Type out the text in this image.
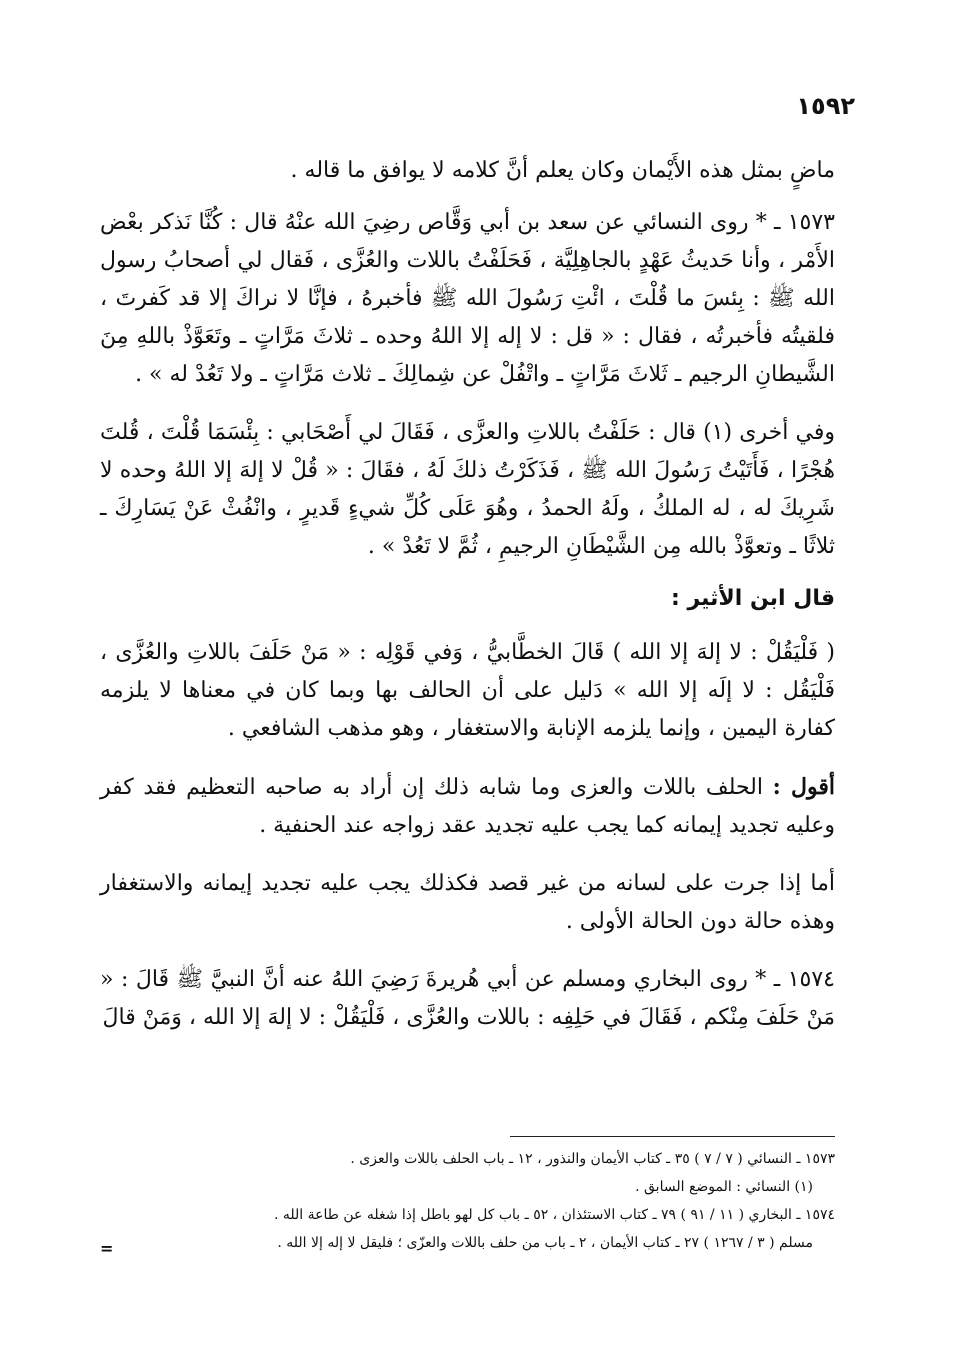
١٥٩٢

ماضٍ بمثل هذه الأَيْمان وكان يعلم أنَّ كلامه لا يوافق ما قاله .

١٥٧٣ ـ * روى النسائي عن سعد بن أبي وَقَّاص رضِيَ الله عنْهُ قال : كُنَّا نَذكر بعْض الأَمْر ، وأنا حَديثُ عَهْدٍ بالجاهِلِيَّة ، فَحَلَفْتُ باللات والعُزَّى ، فَقال لي أصحابُ رسول الله ﷺ : بِئسَ ما قُلْتَ ، ائْتِ رَسُولَ الله ﷺ فأخبرهُ ، فإنَّا لا نراكَ إلا قد كَفرتَ ، فلقيتُه فأخبرتُه ، فقال : « قل : لا إله إلا اللهُ وحده ـ ثلاثَ مَرَّاتٍ ـ وتَعَوَّذْ باللهِ مِنَ الشَّيطانِ الرجيم ـ ثَلاثَ مَرَّاتٍ ـ واتْفُلْ عن شِمالِكَ ـ ثلاث مَرَّاتٍ ـ ولا تَعُدْ له » .

وفي أخرى (١) قال : حَلَفْتُ باللاتِ والعزَّى ، فَقَالَ لي أَصْحَابي : بِئْسَمَا قُلْتَ ، قُلتَ هُجْرًا ، فَأَتَيْتُ رَسُولَ الله ﷺ ، فَذَكَرْتُ ذلكَ لَهُ ، فقَالَ : « قُلْ لا إلهَ إلا اللهُ وحده لا شَرِيكَ له ، له الملكُ ، ولَهُ الحمدُ ، وهُوَ عَلَى كُلِّ شيءٍ قَديرٍ ، وانْفُثْ عَنْ يَسَارِكَ ـ ثلاثًا ـ وتعوَّذْ بالله مِن الشَّيْطَانِ الرجيمِ ، ثُمَّ لا تَعُدْ » .

قال ابن الأثير :

( فَلْيَقُلْ : لا إلهَ إلا الله ) قَالَ الخطَّابيُّ ، وَفي قَوْلِه : « مَنْ حَلَفَ باللاتِ والعُزَّى ، فَلْيَقُل : لا إلَه إلا الله » دَليل على أن الحالف بها وبما كان في معناها لا يلزمه كفارة اليمين ، وإنما يلزمه الإنابة والاستغفار ، وهو مذهب الشافعي .

أقول : الحلف باللات والعزى وما شابه ذلك إن أراد به صاحبه التعظيم فقد كفر وعليه تجديد إيمانه كما يجب عليه تجديد عقد زواجه عند الحنفية .

أما إذا جرت على لسانه من غير قصد فكذلك يجب عليه تجديد إيمانه والاستغفار وهذه حالة دون الحالة الأولى .

١٥٧٤ ـ * روى البخاري ومسلم عن أبي هُريرةَ رَضِيَ اللهُ عنه أنَّ النبيَّ ﷺ قَالَ : « مَنْ حَلَفَ مِنْكم ، فَقَالَ في حَلِفِه : باللات والعُزَّى ، فَلْيَقُلْ : لا إلهَ إلا الله ، وَمَنْ قالَ

١٥٧٣ ـ النسائي ( ٧ / ٧ ) ٣٥ ـ كتاب الأيمان والنذور ، ١٢ ـ باب الحلف باللات والعزى .
(١) النسائي : الموضع السابق .
١٥٧٤ ـ البخاري ( ١١ / ٩١ ) ٧٩ ـ كتاب الاستئذان ، ٥٢ ـ باب كل لهو باطل إذا شغله عن طاعة الله .
مسلم ( ٣ / ١٢٦٧ ) ٢٧ ـ كتاب الأيمان ، ٢ ـ باب من حلف باللات والعزّى ؛ فليقل لا إله إلا الله .
=
